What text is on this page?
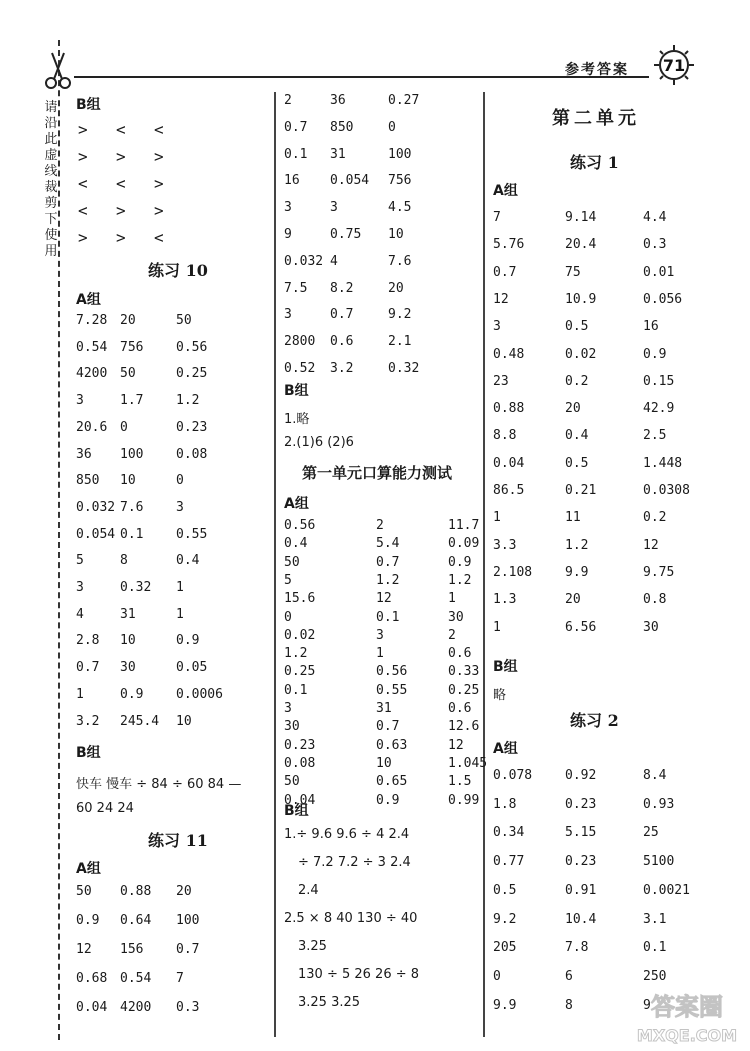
请沿此虚线裁剪下使用
参考答案 71
B组
> < <
> > >
< < >
< > >
> > <
练习 10
A组
7.28 20	50
0.54 756	0.56
4200 50	0.25
3	1.7	1.2
20.6 0	0.23
36 100	0.08
850 10	0
0.032 7.6	3
0.054 0.1	0.55
5	8	0.4
3	0.32 1
4	31	1
2.8 10	0.9
0.7 30	0.05
1	0.9	0.0006
3.2 245.4 10
B组
快车 慢车 ÷ 84 ÷ 60 84 —
60 24 24
练习 11
A组
50 0.88 20
0.9 0.64 100
12 156	0.7
0.68 0.54 7
0.04 4200 0.3
2	36	0.27
0.7 850	0
0.1 31	100
16 0.054 756
3	3	4.5
9	0.75 10
0.032 4	7.6
7.5 8.2	20
3	0.7	9.2
2800 0.6	2.1
0.52 3.2	0.32
B组
1.略
2.(1)6 (2)6
第一单元口算能力测试
A组
0.56	2	11.7
0.4	5.4	0.09
50	0.7	0.9
5	1.2	1.2
15.6	12	1
0	0.1	30
0.02	3	2
1.2	1	0.6
0.25	0.56	0.33
0.1	0.55	0.25
3	31	0.6
30	0.7	12.6
0.23	0.63	12
0.08	10	1.045
50	0.65	1.5
0.04	0.9	0.99
B组
1.÷ 9.6 9.6 ÷ 4 2.4
÷ 7.2 7.2 ÷ 3 2.4
2.4
2.5 × 8 40 130 ÷ 40
3.25
130 ÷ 5 26 26 ÷ 8
3.25 3.25
第二单元
练习 1
A组
7	9.14	4.4
5.76	20.4	0.3
0.7	75	0.01
12	10.9	0.056
3	0.5	16
0.48	0.02	0.9
23	0.2	0.15
0.88	20	42.9
8.8	0.4	2.5
0.04	0.5	1.448
86.5	0.21	0.0308
1	11	0.2
3.3	1.2	12
2.108	9.9	9.75
1.3	20	0.8
1	6.56	30
B组
略
练习 2
A组
0.078	0.92	8.4
1.8	0.23	0.93
0.34	5.15	25
0.77	0.23	5100
0.5	0.91	0.0021
9.2	10.4	3.1
205	7.8	0.1
0	6	250
9.9	8	9 答案圈
MXQE.COM
